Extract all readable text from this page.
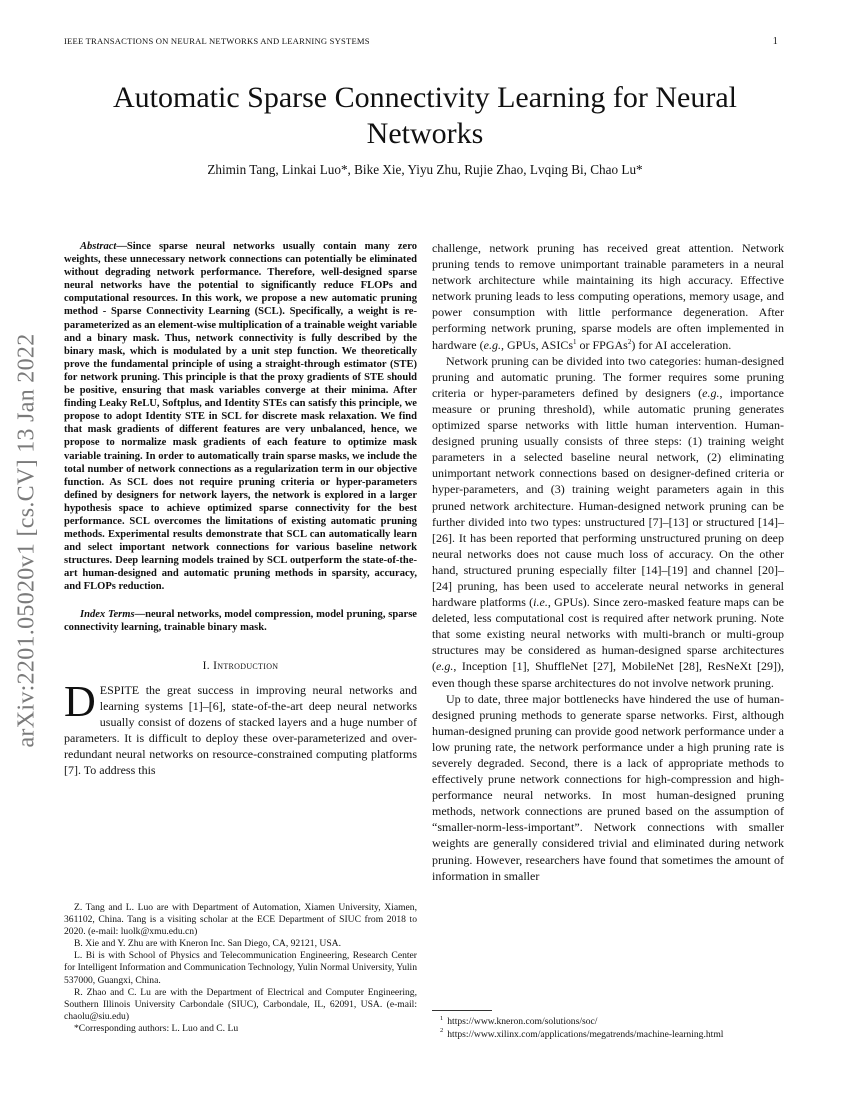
IEEE TRANSACTIONS ON NEURAL NETWORKS AND LEARNING SYSTEMS	1
arXiv:2201.05020v1 [cs.CV] 13 Jan 2022
Automatic Sparse Connectivity Learning for Neural Networks
Zhimin Tang, Linkai Luo*, Bike Xie, Yiyu Zhu, Rujie Zhao, Lvqing Bi, Chao Lu*

Abstract—Since sparse neural networks usually contain many zero weights, these unnecessary network connections can potentially be eliminated without degrading network performance. Therefore, well-designed sparse neural networks have the potential to significantly reduce FLOPs and computational resources. In this work, we propose a new automatic pruning method - Sparse Connectivity Learning (SCL). Specifically, a weight is re-parameterized as an element-wise multiplication of a trainable weight variable and a binary mask. Thus, network connectivity is fully described by the binary mask, which is modulated by a unit step function. We theoretically prove the fundamental principle of using a straight-through estimator (STE) for network pruning. This principle is that the proxy gradients of STE should be positive, ensuring that mask variables converge at their minima. After finding Leaky ReLU, Softplus, and Identity STEs can satisfy this principle, we propose to adopt Identity STE in SCL for discrete mask relaxation. We find that mask gradients of different features are very unbalanced, hence, we propose to normalize mask gradients of each feature to optimize mask variable training. In order to automatically train sparse masks, we include the total number of network connections as a regularization term in our objective function. As SCL does not require pruning criteria or hyper-parameters defined by designers for network layers, the network is explored in a larger hypothesis space to achieve optimized sparse connectivity for the best performance. SCL overcomes the limitations of existing automatic pruning methods. Experimental results demonstrate that SCL can automatically learn and select important network connections for various baseline network structures. Deep learning models trained by SCL outperform the state-of-the-art human-designed and automatic pruning methods in sparsity, accuracy, and FLOPs reduction.

Index Terms—neural networks, model compression, model pruning, sparse connectivity learning, trainable binary mask.

I. Introduction

DESPITE the great success in improving neural networks and learning systems [1]–[6], state-of-the-art deep neural networks usually consist of dozens of stacked layers and a huge number of parameters. It is difficult to deploy these over-parameterized and over-redundant neural networks on resource-constrained computing platforms [7]. To address this

Z. Tang and L. Luo are with Department of Automation, Xiamen University, Xiamen, 361102, China. Tang is a visiting scholar at the ECE Department of SIUC from 2018 to 2020. (e-mail: luolk@xmu.edu.cn)

B. Xie and Y. Zhu are with Kneron Inc. San Diego, CA, 92121, USA.

L. Bi is with School of Physics and Telecommunication Engineering, Research Center for Intelligent Information and Communication Technology, Yulin Normal University, Yulin 537000, Guangxi, China.

R. Zhao and C. Lu are with the Department of Electrical and Computer Engineering, Southern Illinois University Carbondale (SIUC), Carbondale, IL, 62091, USA. (e-mail: chaolu@siu.edu)

*Corresponding authors: L. Luo and C. Lu

challenge, network pruning has received great attention. Network pruning tends to remove unimportant trainable parameters in a neural network architecture while maintaining its high accuracy. Effective network pruning leads to less computing operations, memory usage, and power consumption with little performance degeneration. After performing network pruning, sparse models are often implemented in hardware (e.g., GPUs, ASICs$^1$ or FPGAs$^2$) for AI acceleration.

Network pruning can be divided into two categories: human-designed pruning and automatic pruning. The former requires some pruning criteria or hyper-parameters defined by designers (e.g., importance measure or pruning threshold), while automatic pruning generates optimized sparse networks with little human intervention. Human-designed pruning usually consists of three steps: (1) training weight parameters in a selected baseline neural network, (2) eliminating unimportant network connections based on designer-defined criteria or hyper-parameters, and (3) training weight parameters again in this pruned network architecture. Human-designed network pruning can be further divided into two types: unstructured [7]–[13] or structured [14]–[26]. It has been reported that performing unstructured pruning on deep neural networks does not cause much loss of accuracy. On the other hand, structured pruning especially filter [14]–[19] and channel [20]–[24] pruning, has been used to accelerate neural networks in general hardware platforms (i.e., GPUs). Since zero-masked feature maps can be deleted, less computational cost is required after network pruning. Note that some existing neural networks with multi-branch or multi-group structures may be considered as human-designed sparse architectures (e.g., Inception [1], ShuffleNet [27], MobileNet [28], ResNeXt [29]), even though these sparse architectures do not involve network pruning.

Up to date, three major bottlenecks have hindered the use of human-designed pruning methods to generate sparse networks. First, although human-designed pruning can provide good network performance under a low pruning rate, the network performance under a high pruning rate is severely degraded. Second, there is a lack of appropriate methods to effectively prune network connections for high-compression and high-performance neural networks. In most human-designed pruning methods, network connections are pruned based on the assumption of “smaller-norm-less-important”. Network connections with smaller weights are generally considered trivial and eliminated during network pruning. However, researchers have found that sometimes the amount of information in smaller

$^1$ https://www.kneron.com/solutions/soc/

$^2$ https://www.xilinx.com/applications/megatrends/machine-learning.html
